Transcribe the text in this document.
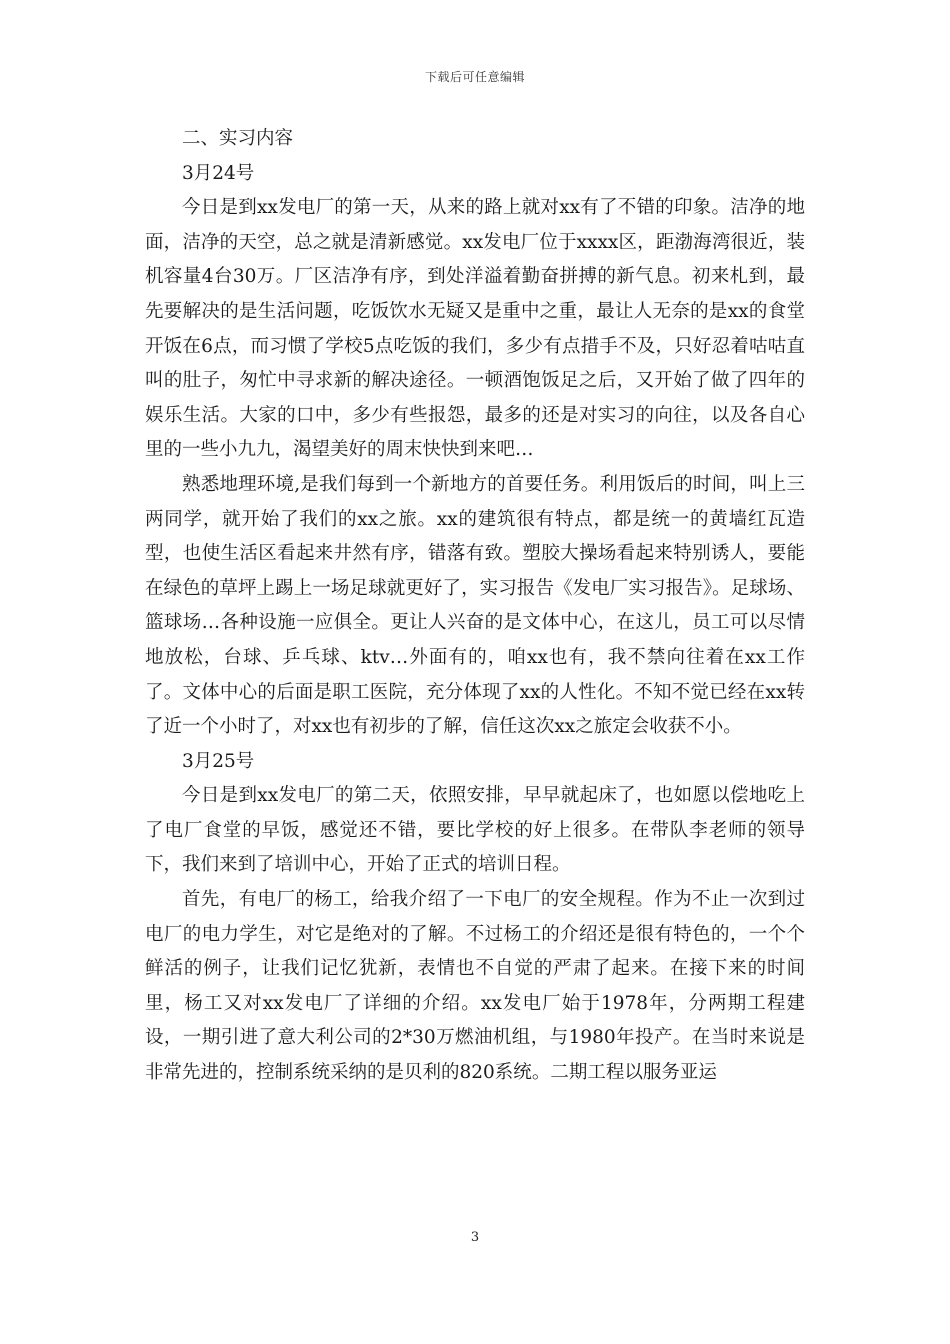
下载后可任意编辑

二、实习内容

3月24号

今日是到xx发电厂的第一天，从来的路上就对xx有了不错的印象。洁净的地面，洁净的天空，总之就是清新感觉。xx发电厂位于xxxx区，距渤海湾很近，装机容量4台30万。厂区洁净有序，到处洋溢着勤奋拼搏的新气息。初来札到，最先要解决的是生活问题，吃饭饮水无疑又是重中之重，最让人无奈的是xx的食堂开饭在6点，而习惯了学校5点吃饭的我们，多少有点措手不及，只好忍着咕咕直叫的肚子，匆忙中寻求新的解决途径。一顿酒饱饭足之后，又开始了做了四年的娱乐生活。大家的口中，多少有些报怨，最多的还是对实习的向往，以及各自心里的一些小九九，渴望美好的周末快快到来吧…

熟悉地理环境,是我们每到一个新地方的首要任务。利用饭后的时间，叫上三两同学，就开始了我们的xx之旅。xx的建筑很有特点，都是统一的黄墙红瓦造型，也使生活区看起来井然有序，错落有致。塑胶大操场看起来特别诱人，要能在绿色的草坪上踢上一场足球就更好了，实习报告《发电厂实习报告》。足球场、篮球场…各种设施一应俱全。更让人兴奋的是文体中心，在这儿，员工可以尽情地放松，台球、乒乓球、ktv…外面有的，咱xx也有，我不禁向往着在xx工作了。文体中心的后面是职工医院，充分体现了xx的人性化。不知不觉已经在xx转了近一个小时了，对xx也有初步的了解，信任这次xx之旅定会收获不小。

3月25号

今日是到xx发电厂的第二天，依照安排，早早就起床了，也如愿以偿地吃上了电厂食堂的早饭，感觉还不错，要比学校的好上很多。在带队李老师的领导下，我们来到了培训中心，开始了正式的培训日程。

首先，有电厂的杨工，给我介绍了一下电厂的安全规程。作为不止一次到过电厂的电力学生，对它是绝对的了解。不过杨工的介绍还是很有特色的，一个个鲜活的例子，让我们记忆犹新，表情也不自觉的严肃了起来。在接下来的时间里，杨工又对xx发电厂了详细的介绍。xx发电厂始于1978年，分两期工程建设，一期引进了意大利公司的2*30万燃油机组，与1980年投产。在当时来说是非常先进的，控制系统采纳的是贝利的820系统。二期工程以服务亚运

3
